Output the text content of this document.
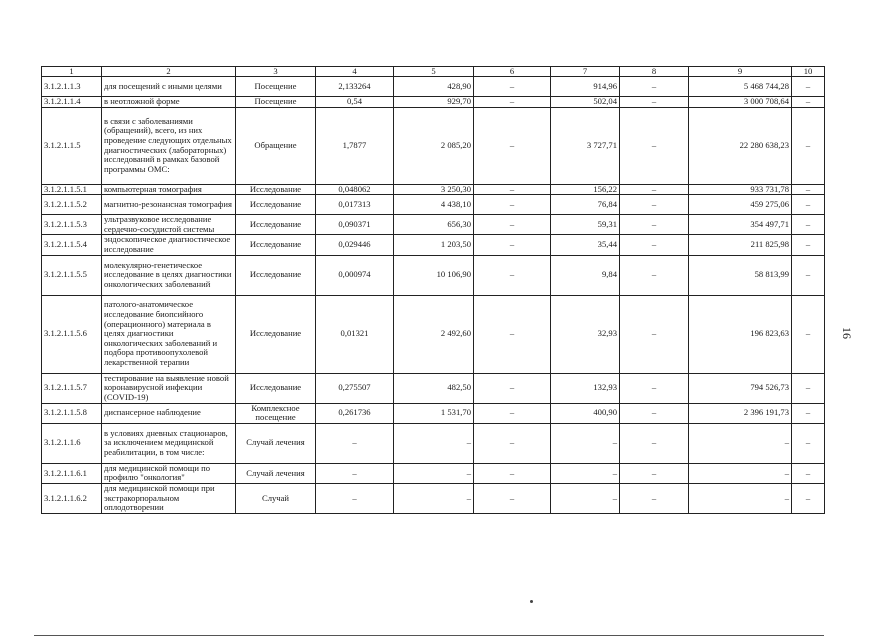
1	2	3	4	5	6	7	8	9	10
3.1.2.1.1.3	для посещений с иными целями	Посещение	2,133264	428,90	–	914,96	–	5 468 744,28	–
3.1.2.1.1.4	в неотложной форме	Посещение	0,54	929,70	–	502,04	–	3 000 708,64	–
3.1.2.1.1.5	в связи с заболеваниями (обращений), всего, из них проведение следующих отдельных диагностических (лабораторных) исследований в рамках базовой программы ОМС:	Обращение	1,7877	2 085,20	–	3 727,71	–	22 280 638,23	–
3.1.2.1.1.5.1	компьютерная томография	Исследование	0,048062	3 250,30	–	156,22	–	933 731,78	–
3.1.2.1.1.5.2	магнитно-резонансная томография	Исследование	0,017313	4 438,10	–	76,84	–	459 275,06	–
3.1.2.1.1.5.3	ультразвуковое исследование сердечно-сосудистой системы	Исследование	0,090371	656,30	–	59,31	–	354 497,71	–
3.1.2.1.1.5.4	эндоскопическое диагностическое исследование	Исследование	0,029446	1 203,50	–	35,44	–	211 825,98	–
3.1.2.1.1.5.5	молекулярно-генетическое исследование в целях диагностики онкологических заболеваний	Исследование	0,000974	10 106,90	–	9,84	–	58 813,99	–
3.1.2.1.1.5.6	патолого-анатомическое исследование биопсийного (операционного) материала в целях диагностики онкологических заболеваний и подбора противоопухолевой лекарственной терапии	Исследование	0,01321	2 492,60	–	32,93	–	196 823,63	–
3.1.2.1.1.5.7	тестирование на выявление новой коронавирусной инфекции (COVID-19)	Исследование	0,275507	482,50	–	132,93	–	794 526,73	–
3.1.2.1.1.5.8	диспансерное наблюдение	Комплексное посещение	0,261736	1 531,70	–	400,90	–	2 396 191,73	–
3.1.2.1.1.6	в условиях дневных стационаров, за исключением медицинской реабилитации, в том числе:	Случай лечения	–	–	–	–	–	–	–
3.1.2.1.1.6.1	для медицинской помощи по профилю "онкология"	Случай лечения	–	–	–	–	–	–	–
3.1.2.1.1.6.2	для медицинской помощи при экстракорпоральном оплодотворении	Случай	–	–	–	–	–	–	–
16
